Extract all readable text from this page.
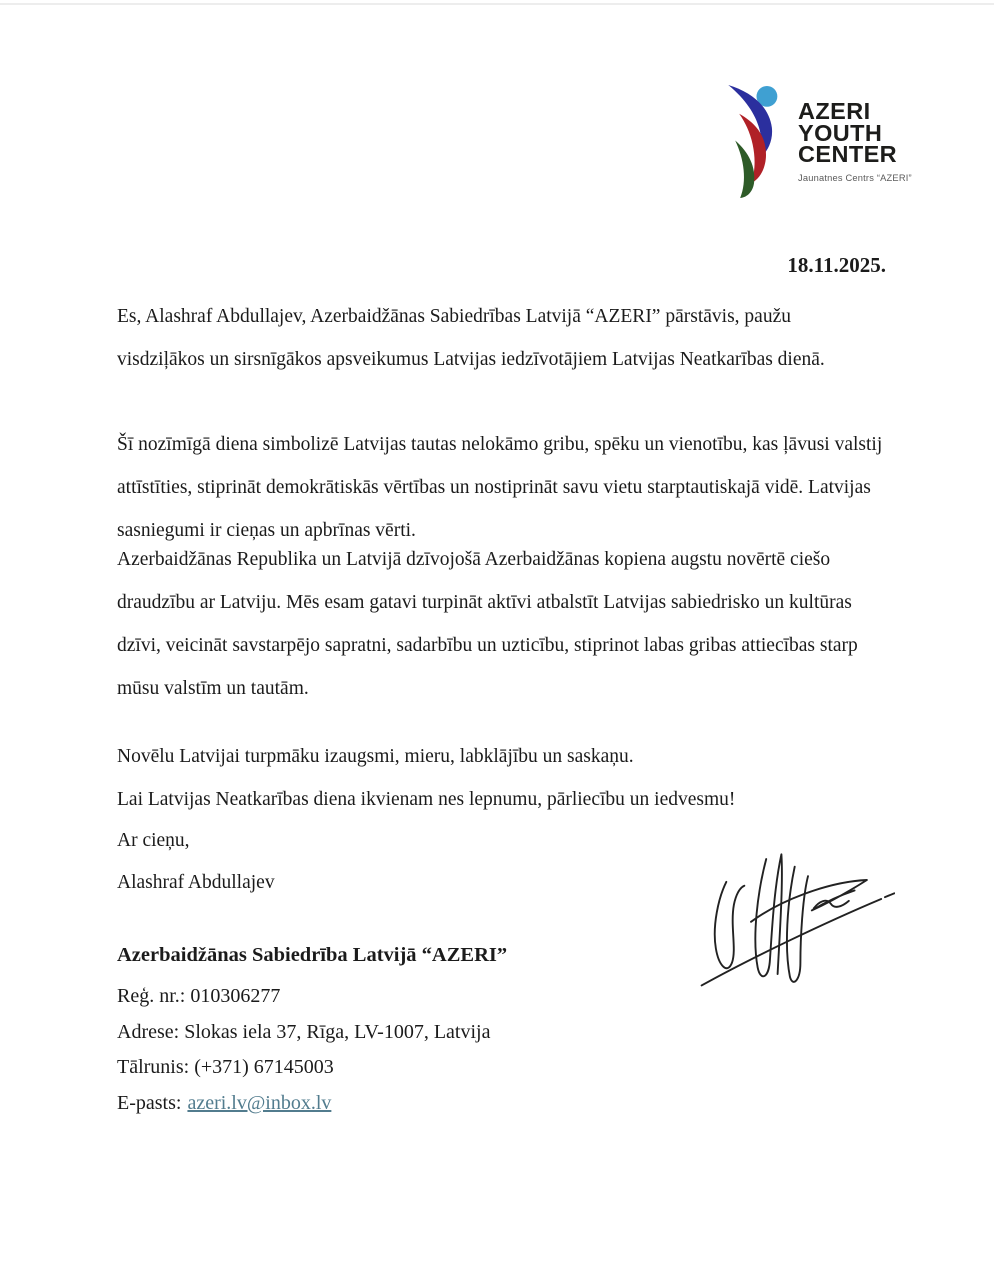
AZERI
YOUTH
CENTER
Jaunatnes Centrs “AZERI”
18.11.2025.
Es, Alashraf Abdullajev, Azerbaidžānas Sabiedrības Latvijā “AZERI” pārstāvis, paužu visdziļākos un sirsnīgākos apsveikumus Latvijas iedzīvotājiem Latvijas Neatkarības dienā.
Šī nozīmīgā diena simbolizē Latvijas tautas nelokāmo gribu, spēku un vienotību, kas ļāvusi valstij attīstīties, stiprināt demokrātiskās vērtības un nostiprināt savu vietu starptautiskajā vidē. Latvijas sasniegumi ir cieņas un apbrīnas vērti.
Azerbaidžānas Republika un Latvijā dzīvojošā Azerbaidžānas kopiena augstu novērtē ciešo draudzību ar Latviju. Mēs esam gatavi turpināt aktīvi atbalstīt Latvijas sabiedrisko un kultūras dzīvi, veicināt savstarpējo sapratni, sadarbību un uzticību, stiprinot labas gribas attiecības starp mūsu valstīm un tautām.
Novēlu Latvijai turpmāku izaugsmi, mieru, labklājību un saskaņu.
Lai Latvijas Neatkarības diena ikvienam nes lepnumu, pārliecību un iedvesmu!
Ar cieņu,
Alashraf Abdullajev
Azerbaidžānas Sabiedrība Latvijā “AZERI”
Reģ. nr.: 010306277
Adrese: Slokas iela 37, Rīga, LV-1007, Latvija
Tālrunis: (+371) 67145003
E-pasts: azeri.lv@inbox.lv
